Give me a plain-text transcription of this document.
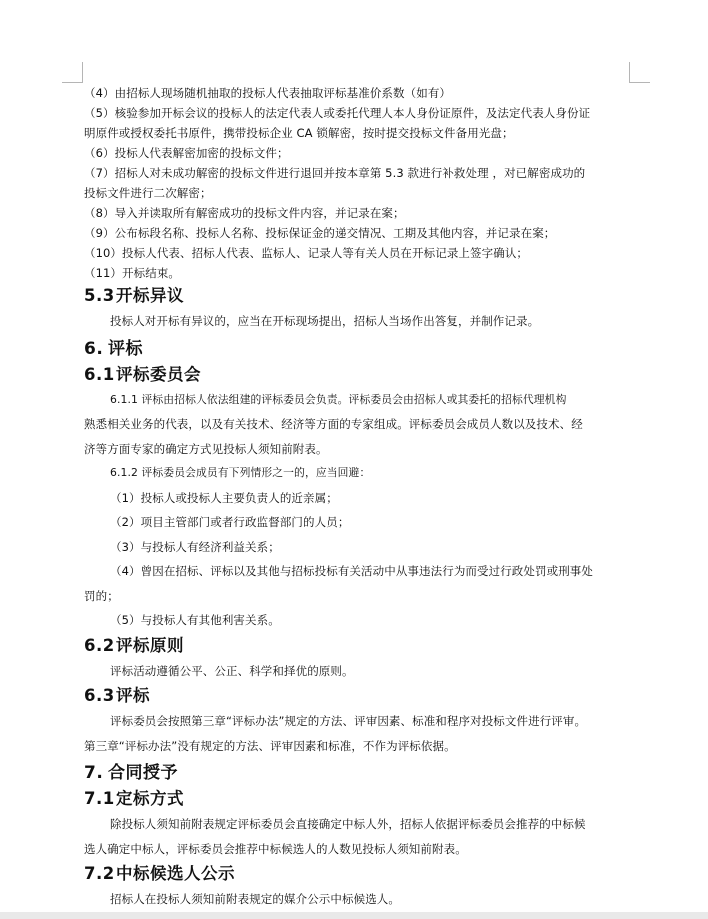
（4）由招标人现场随机抽取的投标人代表抽取评标基准价系数（如有）
（5）核验参加开标会议的投标人的法定代表人或委托代理人本人身份证原件，及法定代表人身份证
明原件或授权委托书原件，携带投标企业 CA 锁解密，按时提交投标文件备用光盘；
（6）投标人代表解密加密的投标文件；
（7）招标人对未成功解密的投标文件进行退回并按本章第 5.3 款进行补救处理 ，对已解密成功的
投标文件进行二次解密；
（8）导入并读取所有解密成功的投标文件内容，并记录在案；
（9）公布标段名称、投标人名称、投标保证金的递交情况、工期及其他内容，并记录在案；
（10）投标人代表、招标人代表、监标人、记录人等有关人员在开标记录上签字确认；
（11）开标结束。
5.3开标异议
投标人对开标有异议的，应当在开标现场提出，招标人当场作出答复，并制作记录。
6. 评标
6.1评标委员会
6.1.1 评标由招标人依法组建的评标委员会负责。评标委员会由招标人或其委托的招标代理机构
熟悉相关业务的代表，以及有关技术、经济等方面的专家组成。评标委员会成员人数以及技术、经
济等方面专家的确定方式见投标人须知前附表。
6.1.2 评标委员会成员有下列情形之一的，应当回避：
（1）投标人或投标人主要负责人的近亲属；
（2）项目主管部门或者行政监督部门的人员；
（3）与投标人有经济利益关系；
（4）曾因在招标、评标以及其他与招标投标有关活动中从事违法行为而受过行政处罚或刑事处
罚的；
（5）与投标人有其他利害关系。
6.2评标原则
评标活动遵循公平、公正、科学和择优的原则。
6.3评标
评标委员会按照第三章“评标办法”规定的方法、评审因素、标准和程序对投标文件进行评审。
第三章“评标办法”没有规定的方法、评审因素和标准，不作为评标依据。
7. 合同授予
7.1定标方式
除投标人须知前附表规定评标委员会直接确定中标人外，招标人依据评标委员会推荐的中标候
选人确定中标人，评标委员会推荐中标候选人的人数见投标人须知前附表。
7.2中标候选人公示
招标人在投标人须知前附表规定的媒介公示中标候选人。
